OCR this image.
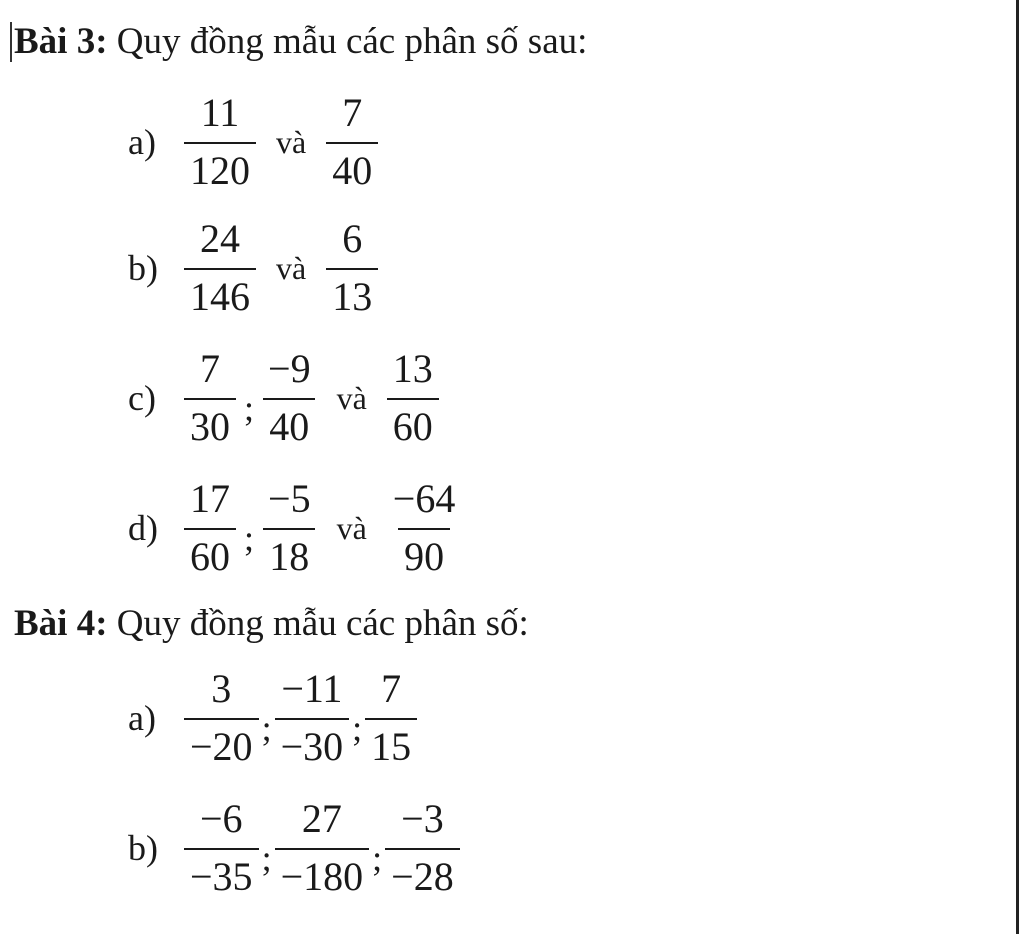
Bài 3: Quy đồng mẫu các phân số sau:
$a) \frac{11}{120}$ và $\frac{7}{40}$
$b) \frac{24}{146}$ và $\frac{6}{13}$
$c) \frac{7}{30}$ ; $\frac{-9}{40}$ và $\frac{13}{60}$
$d) \frac{17}{60}$ ; $\frac{-5}{18}$ và $\frac{-64}{90}$
Bài 4: Quy đồng mẫu các phân số:
$a) \frac{3}{-20}$ ; $\frac{-11}{-30}$ ; $\frac{7}{15}$
$b) \frac{-6}{-35}$ ; $\frac{27}{-180}$ ; $\frac{-3}{-28}$
